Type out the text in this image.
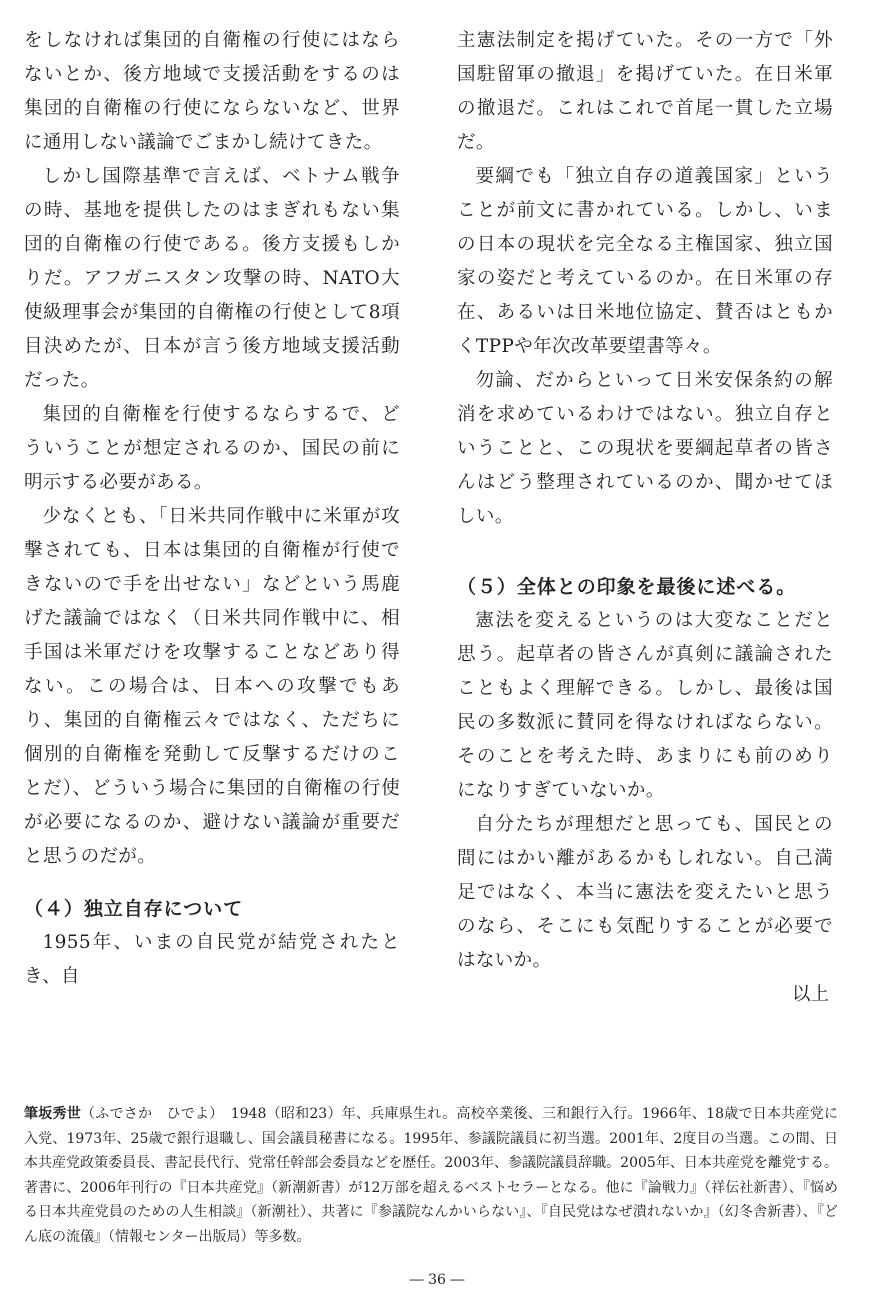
をしなければ集団的自衛権の行使にはならないとか、後方地域で支援活動をするのは集団的自衛権の行使にならないなど、世界に通用しない議論でごまかし続けてきた。

しかし国際基準で言えば、ベトナム戦争の時、基地を提供したのはまぎれもない集団的自衛権の行使である。後方支援もしかりだ。アフガニスタン攻撃の時、NATO大使級理事会が集団的自衛権の行使として8項目決めたが、日本が言う後方地域支援活動だった。

集団的自衛権を行使するならするで、どういうことが想定されるのか、国民の前に明示する必要がある。

少なくとも、「日米共同作戦中に米軍が攻撃されても、日本は集団的自衛権が行使できないので手を出せない」などという馬鹿げた議論ではなく（日米共同作戦中に、相手国は米軍だけを攻撃することなどあり得ない。この場合は、日本への攻撃でもあり、集団的自衛権云々ではなく、ただちに個別的自衛権を発動して反撃するだけのことだ）、どういう場合に集団的自衛権の行使が必要になるのか、避けない議論が重要だと思うのだが。

（４）独立自存について

1955年、いまの自民党が結党されたとき、自

主憲法制定を掲げていた。その一方で「外国駐留軍の撤退」を掲げていた。在日米軍の撤退だ。これはこれで首尾一貫した立場だ。

要綱でも「独立自存の道義国家」ということが前文に書かれている。しかし、いまの日本の現状を完全なる主権国家、独立国家の姿だと考えているのか。在日米軍の存在、あるいは日米地位協定、賛否はともかくTPPや年次改革要望書等々。

勿論、だからといって日米安保条約の解消を求めているわけではない。独立自存ということと、この現状を要綱起草者の皆さんはどう整理されているのか、聞かせてほしい。

（５）全体との印象を最後に述べる。

憲法を変えるというのは大変なことだと思う。起草者の皆さんが真剣に議論されたこともよく理解できる。しかし、最後は国民の多数派に賛同を得なければならない。そのことを考えた時、あまりにも前のめりになりすぎていないか。

自分たちが理想だと思っても、国民との間にはかい離があるかもしれない。自己満足ではなく、本当に憲法を変えたいと思うのなら、そこにも気配りすることが必要ではないか。

以上

筆坂秀世（ふでさか　ひでよ）　1948（昭和23）年、兵庫県生れ。高校卒業後、三和銀行入行。1966年、18歳で日本共産党に入党、1973年、25歳で銀行退職し、国会議員秘書になる。1995年、参議院議員に初当選。2001年、2度目の当選。この間、日本共産党政策委員長、書記長代行、党常任幹部会委員などを歴任。2003年、参議院議員辞職。2005年、日本共産党を離党する。著書に、2006年刊行の『日本共産党』（新潮新書）が12万部を超えるベストセラーとなる。他に『論戦力』（祥伝社新書）、『悩める日本共産党員のための人生相談』（新潮社）、共著に『参議院なんかいらない』、『自民党はなぜ潰れないか』（幻冬舎新書）、『どん底の流儀』（情報センター出版局）等多数。

― 36 ―
